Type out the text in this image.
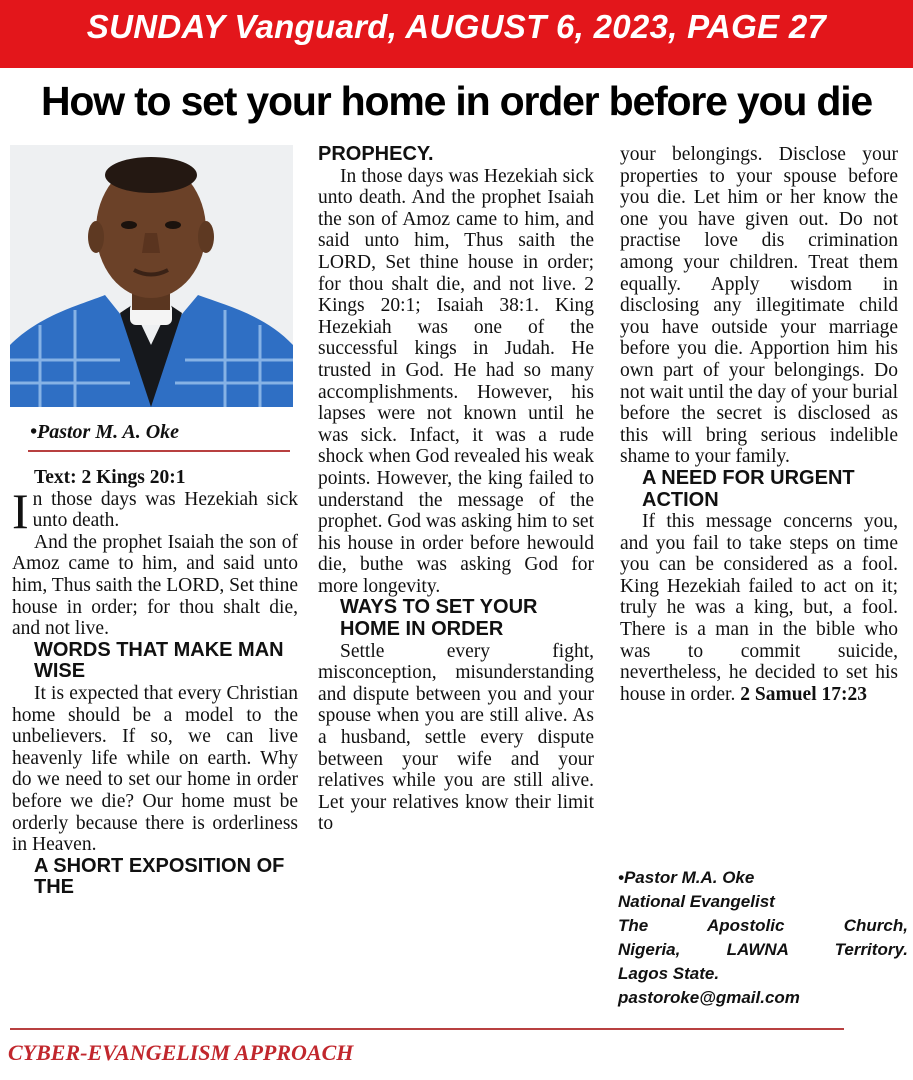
SUNDAY Vanguard, AUGUST 6, 2023, PAGE 27
How to set your home in order before you die
•Pastor M. A. Oke

Text: 2 Kings 20:1

In those days was Hezekiah sick unto death.

And the prophet Isaiah the son of Amoz came to him, and said unto him, Thus saith the LORD, Set thine house in order; for thou shalt die, and not live.

WORDS THAT MAKE MAN WISE

It is expected that every Christian home should be a model to the unbelievers. If so, we can live heavenly life while on earth. Why do we need to set our home in order before we die? Our home must be orderly because there is orderliness in Heaven.

A SHORT EXPOSITION OF THE

PROPHECY.

In those days was Hezekiah sick unto death. And the prophet Isaiah the son of Amoz came to him, and said unto him, Thus saith the LORD, Set thine house in order; for thou shalt die, and not live. 2 Kings 20:1; Isaiah 38:1. King Hezekiah was one of the successful kings in Judah. He trusted in God. He had so many accomplishments. However, his lapses were not known until he was sick. Infact, it was a rude shock when God revealed his weak points. However, the king failed to understand the message of the prophet. God was asking him to set his house in order before hewould die, buthe was asking God for more longevity.

WAYS TO SET YOUR HOME IN ORDER

Settle every fight, misconception, misunderstanding and dispute between you and your spouse when you are still alive. As a husband, settle every dispute between your wife and your relatives while you are still alive. Let your relatives know their limit to

your belongings. Disclose your properties to your spouse before you die. Let him or her know the one you have given out. Do not practise love dis crimination among your children. Treat them equally. Apply wisdom in disclosing any illegitimate child you have outside your marriage before you die. Apportion him his own part of your belongings. Do not wait until the day of your burial before the secret is disclosed as this will bring serious indelible shame to your family.

A NEED FOR URGENT ACTION

If this message concerns you, and you fail to take steps on time you can be considered as a fool. King Hezekiah failed to act on it; truly he was a king, but, a fool. There is a man in the bible who was to commit suicide, nevertheless, he decided to set his house in order. 2 Samuel 17:23

•Pastor M.A. Oke
National Evangelist
The Apostolic Church,
Nigeria, LAWNA Territory.
Lagos State.
pastoroke@gmail.com
CYBER-EVANGELISM APPROACH
